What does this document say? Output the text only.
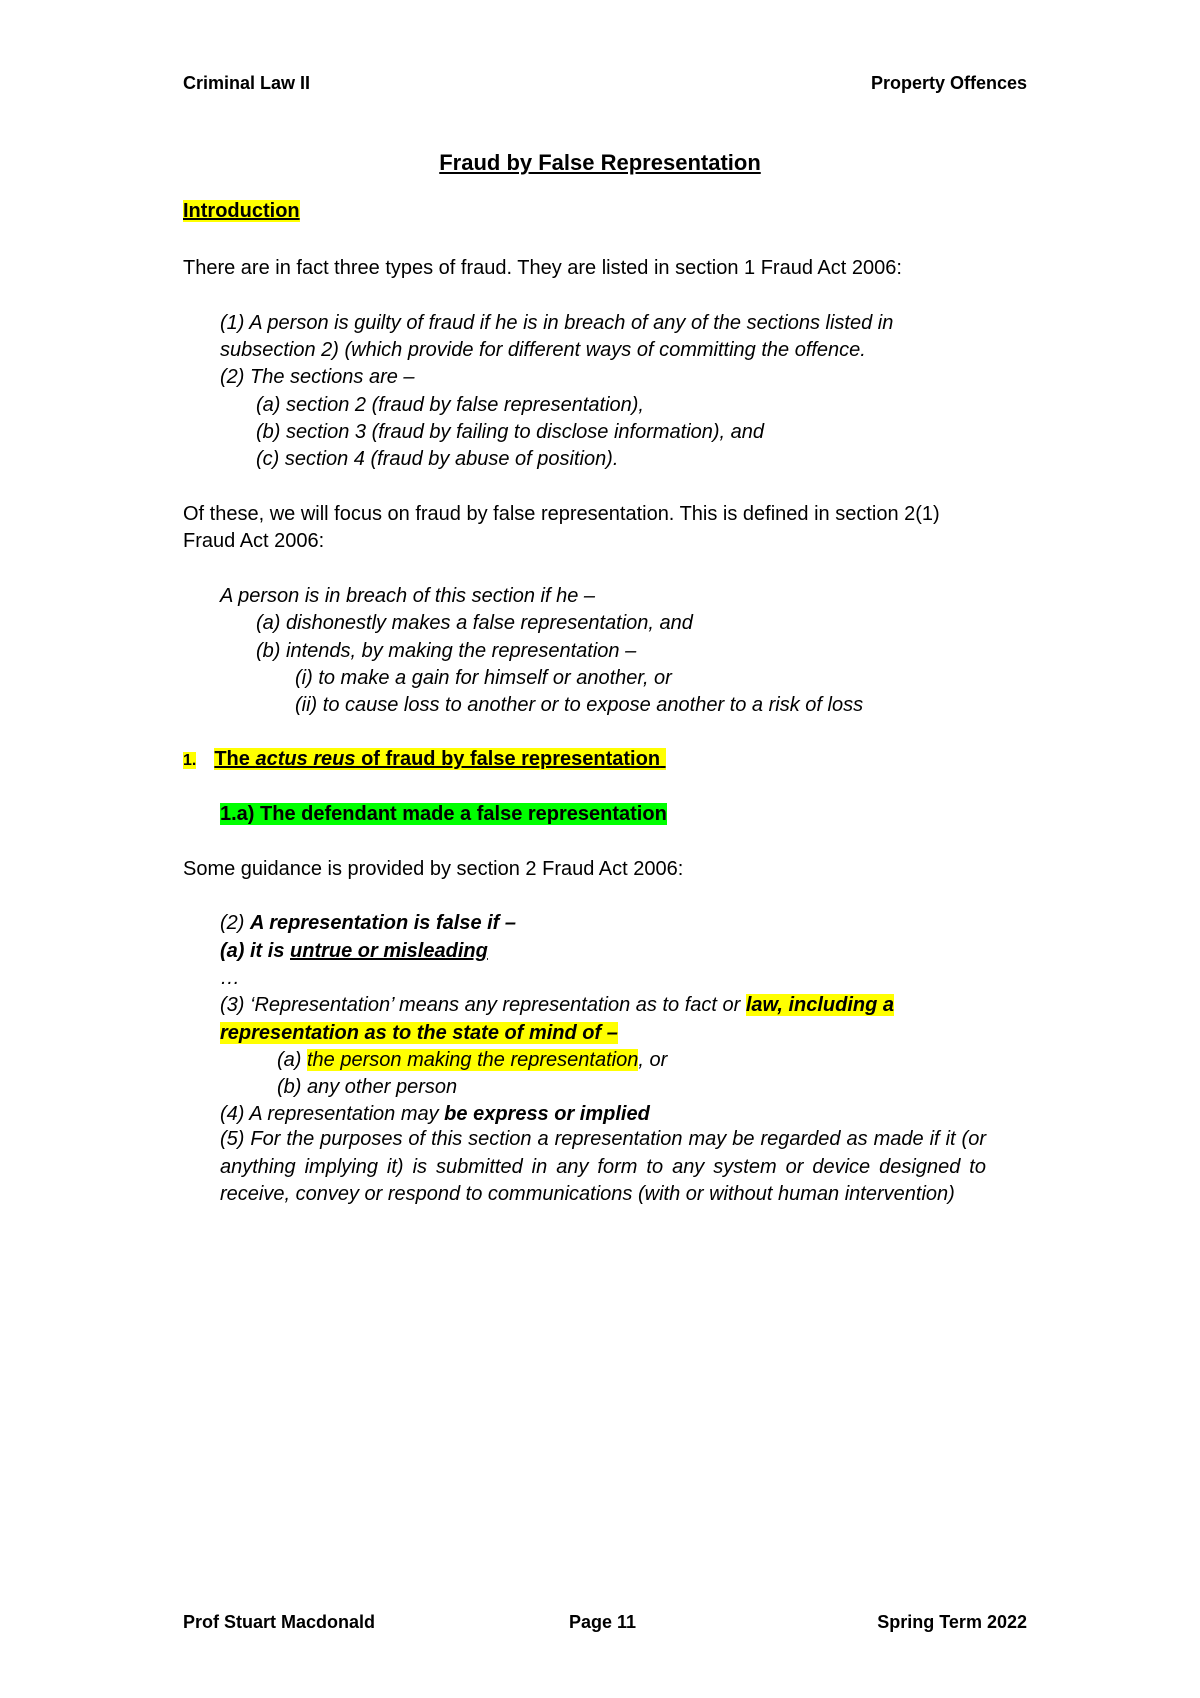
Criminal Law II	Property Offences
Fraud by False Representation
Introduction
There are in fact three types of fraud. They are listed in section 1 Fraud Act 2006:
(1) A person is guilty of fraud if he is in breach of any of the sections listed in
subsection 2) (which provide for different ways of committing the offence.
(2) The sections are –
(a) section 2 (fraud by false representation),
(b) section 3 (fraud by failing to disclose information), and
(c) section 4 (fraud by abuse of position).
Of these, we will focus on fraud by false representation. This is defined in section 2(1)
Fraud Act 2006:
A person is in breach of this section if he –
(a) dishonestly makes a false representation, and
(b) intends, by making the representation –
(i) to make a gain for himself or another, or
(ii) to cause loss to another or to expose another to a risk of loss
1. The actus reus of fraud by false representation
1.a) The defendant made a false representation
Some guidance is provided by section 2 Fraud Act 2006:
(2) A representation is false if –
(a) it is untrue or misleading
…
(3) ‘Representation’ means any representation as to fact or law, including a
representation as to the state of mind of –
(a) the person making the representation, or
(b) any other person
(4) A representation may be express or implied
(5) For the purposes of this section a representation may be regarded as made if it (or anything implying it) is submitted in any form to any system or device designed to receive, convey or respond to communications (with or without human intervention)
Prof Stuart Macdonald	Page 11	Spring Term 2022
